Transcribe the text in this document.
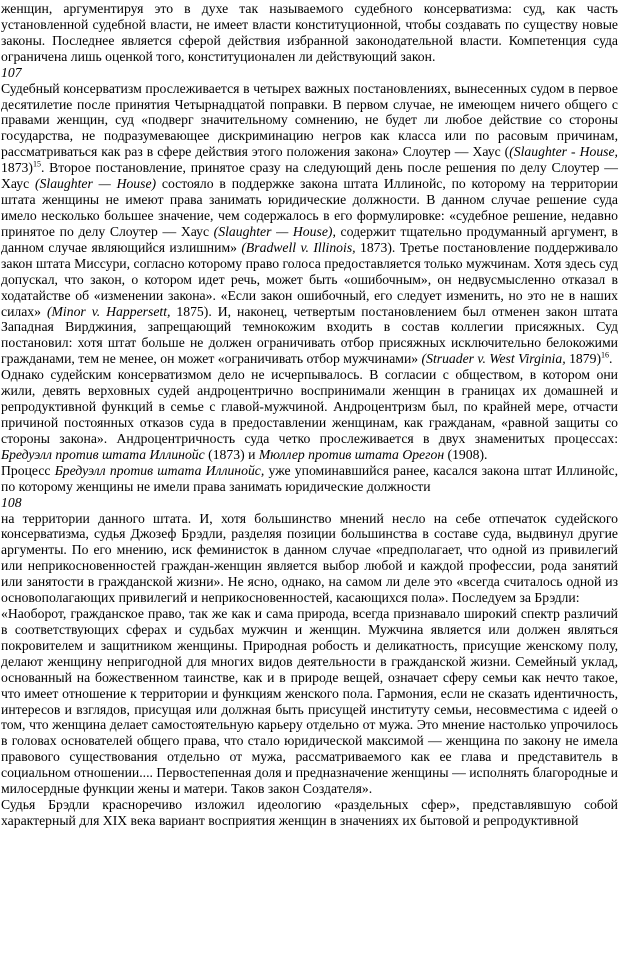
женщин, аргументируя это в духе так называемого судебного консерватизма: суд, как часть установленной судебной власти, не имеет власти конституционной, чтобы создавать по существу новые законы. Последнее является сферой действия избранной законодательной власти. Компетенция суда ограничена лишь оценкой того, конституционален ли действующий закон.

107

Судебный консерватизм прослеживается в четырех важных постановлениях, вынесенных судом в первое десятилетие после принятия Четырнадцатой поправки. В первом случае, не имеющем ничего общего с правами женщин, суд «подверг значительному сомнению, не будет ли любое действие со стороны государства, не подразумевающее дискриминацию негров как класса или по расовым причинам, рассматриваться как раз в сфере действия этого положения закона» Слоутер — Хаус ((Slaughter - House, 1873)$^{15}$. Второе постановление, принятое сразу на следующий день после решения по делу Слоутер — Хаус (Slaughter — House) состояло в поддержке закона штата Иллинойс, по которому на территории штата женщины не имеют права занимать юридические должности. В данном случае решение суда имело несколько большее значение, чем содержалось в его формулировке: «судебное решение, недавно принятое по делу Слоутер — Хаус (Slaughter — House), содержит тщательно продуманный аргумент, в данном случае являющийся излишним» (Bradwell v. Illinois, 1873). Третье постановление поддерживало закон штата Миссури, согласно которому право голоса предоставляется только мужчинам. Хотя здесь суд допускал, что закон, о котором идет речь, может быть «ошибочным», он недвусмысленно отказал в ходатайстве об «изменении закона». «Если закон ошибочный, его следует изменить, но это не в наших силах» (Minor v. Happersett, 1875). И, наконец, четвертым постановлением был отменен закон штата Западная Вирджиния, запрещающий темнокожим входить в состав коллегии присяжных. Суд постановил: хотя штат больше не должен ограничивать отбор присяжных исключительно белокожими гражданами, тем не менее, он может «ограничивать отбор мужчинами» (Struader v. West Virginia, 1879)$^{16}$.

Однако судейским консерватизмом дело не исчерпывалось. В согласии с обществом, в котором они жили, девять верховных судей андроцентрично воспринимали женщин в границах их домашней и репродуктивной функций в семье с главой-мужчиной. Андроцентризм был, по крайней мере, отчасти причиной постоянных отказов суда в предоставлении женщинам, как гражданам, «равной защиты со стороны закона». Андроцентричность суда четко прослеживается в двух знаменитых процессах: Бредуэлл против штата Иллинойс (1873) и Мюллер против штата Орегон (1908).

Процесс Бредуэлл против штата Иллинойс, уже упоминавшийся ранее, касался закона штат Иллинойс, по которому женщины не имели права занимать юридические должности

108

на территории данного штата. И, хотя большинство мнений несло на себе отпечаток судейского консерватизма, судья Джозеф Брэдли, разделяя позиции большинства в составе суда, выдвинул другие аргументы. По его мнению, иск феминисток в данном случае «предполагает, что одной из привилегий или неприкосновенностей граждан-женщин является выбор любой и каждой профессии, рода занятий или занятости в гражданской жизни». Не ясно, однако, на самом ли деле это «всегда считалось одной из основополагающих привилегий и неприкосновенностей, касающихся пола». Последуем за Брэдли:

«Наоборот, гражданское право, так же как и сама природа, всегда признавало широкий спектр различий в соответствующих сферах и судьбах мужчин и женщин. Мужчина является или должен являться покровителем и защитником женщины. Природная робость и деликатность, присущие женскому полу, делают женщину непригодной для многих видов деятельности в гражданской жизни. Семейный уклад, основанный на божественном таинстве, как и в природе вещей, означает сферу семьи как нечто такое, что имеет отношение к территории и функциям женского пола. Гармония, если не сказать идентичность, интересов и взглядов, присущая или должная быть присущей институту семьи, несовместима с идеей о том, что женщина делает самостоятельную карьеру отдельно от мужа. Это мнение настолько упрочилось в головах основателей общего права, что стало юридической максимой — женщина по закону не имела правового существования отдельно от мужа, рассматриваемого как ее глава и представитель в социальном отношении.... Первостепенная доля и предназначение женщины — исполнять благородные и милосердные функции жены и матери. Таков закон Создателя».

Судья Брэдли красноречиво изложил идеологию «раздельных сфер», представлявшую собой характерный для XIX века вариант восприятия женщин в значениях их бытовой и репродуктивной
